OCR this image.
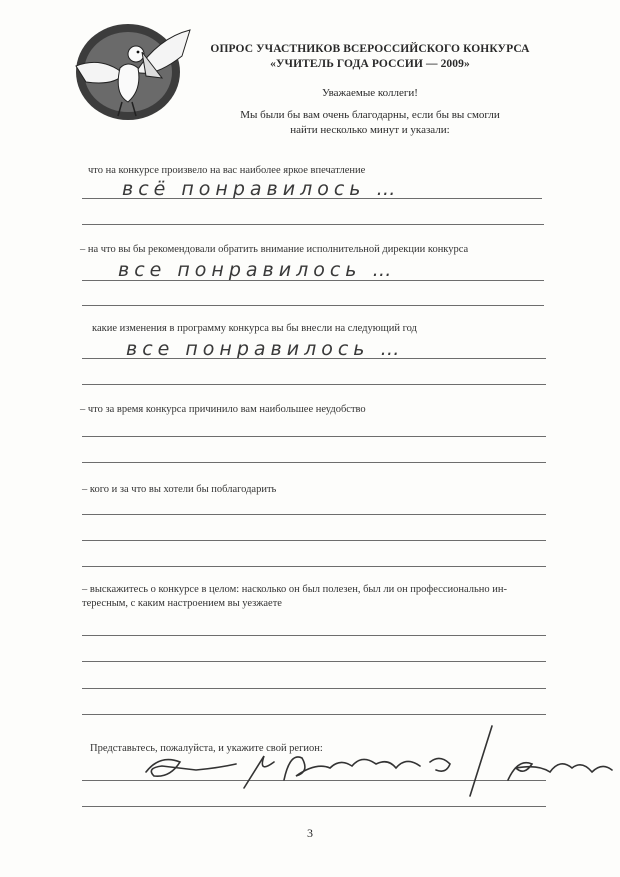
ОПРОС УЧАСТНИКОВ ВСЕРОССИЙСКОГО КОНКУРСА
«УЧИТЕЛЬ ГОДА РОССИИ — 2009»
Уважаемые коллеги!
Мы были бы вам очень благодарны, если бы вы смогли
найти несколько минут и указали:
что на конкурсе произвело на вас наиболее яркое впечатление
всё понравилось …
– на что вы бы рекомендовали обратить внимание исполнительной дирекции конкурса
все понравилось …
какие изменения в программу конкурса вы бы внесли на следующий год
все понравилось …
– что за время конкурса причинило вам наибольшее неудобство
– кого и за что вы хотели бы поблагодарить
– выскажитесь о конкурсе в целом: насколько он был полезен, был ли он профессионально ин-
тересным, с каким настроением вы уезжаете
Представьтесь, пожалуйста, и укажите свой регион:
3
